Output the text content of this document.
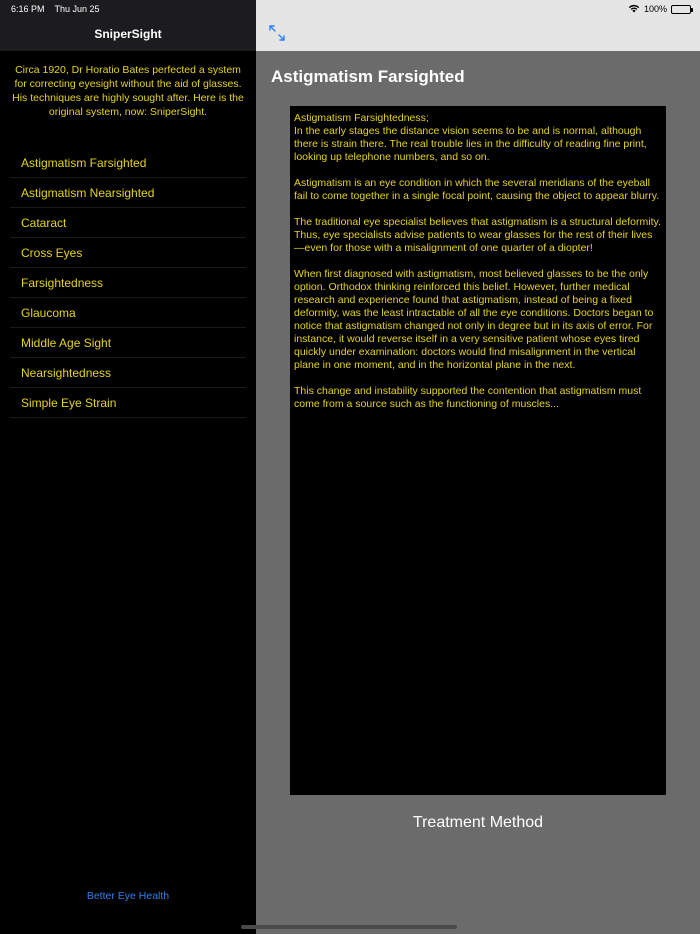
6:16 PM Thu Jun 25	100%
SniperSight

Circa 1920, Dr Horatio Bates perfected a system for correcting eyesight without the aid of glasses. His techniques are highly sought after. Here is the original system, now: SniperSight.

Astigmatism Farsighted
Astigmatism Nearsighted
Cataract
Cross Eyes
Farsightedness
Glaucoma
Middle Age Sight
Nearsightedness
Simple Eye Strain
Better Eye Health
Astigmatism Farsighted
Astigmatism Farsightedness;

In the early stages the distance vision seems to be and is normal, although there is strain there. The real trouble lies in the difficulty of reading fine print, looking up telephone numbers, and so on.

Astigmatism is an eye condition in which the several meridians of the eyeball fail to come together in a single focal point, causing the object to appear blurry.

The traditional eye specialist believes that astigmatism is a structural deformity. Thus, eye specialists advise patients to wear glasses for the rest of their lives—even for those with a misalignment of one quarter of a diopter!

When first diagnosed with astigmatism, most believed glasses to be the only option. Orthodox thinking reinforced this belief. However, further medical research and experience found that astigmatism, instead of being a fixed deformity, was the least intractable of all the eye conditions. Doctors began to notice that astigmatism changed not only in degree but in its axis of error. For instance, it would reverse itself in a very sensitive patient whose eyes tired quickly under examination: doctors would find misalignment in the vertical plane in one moment, and in the horizontal plane in the next.

This change and instability supported the contention that astigmatism must come from a source such as the functioning of muscles...

Treatment Method
